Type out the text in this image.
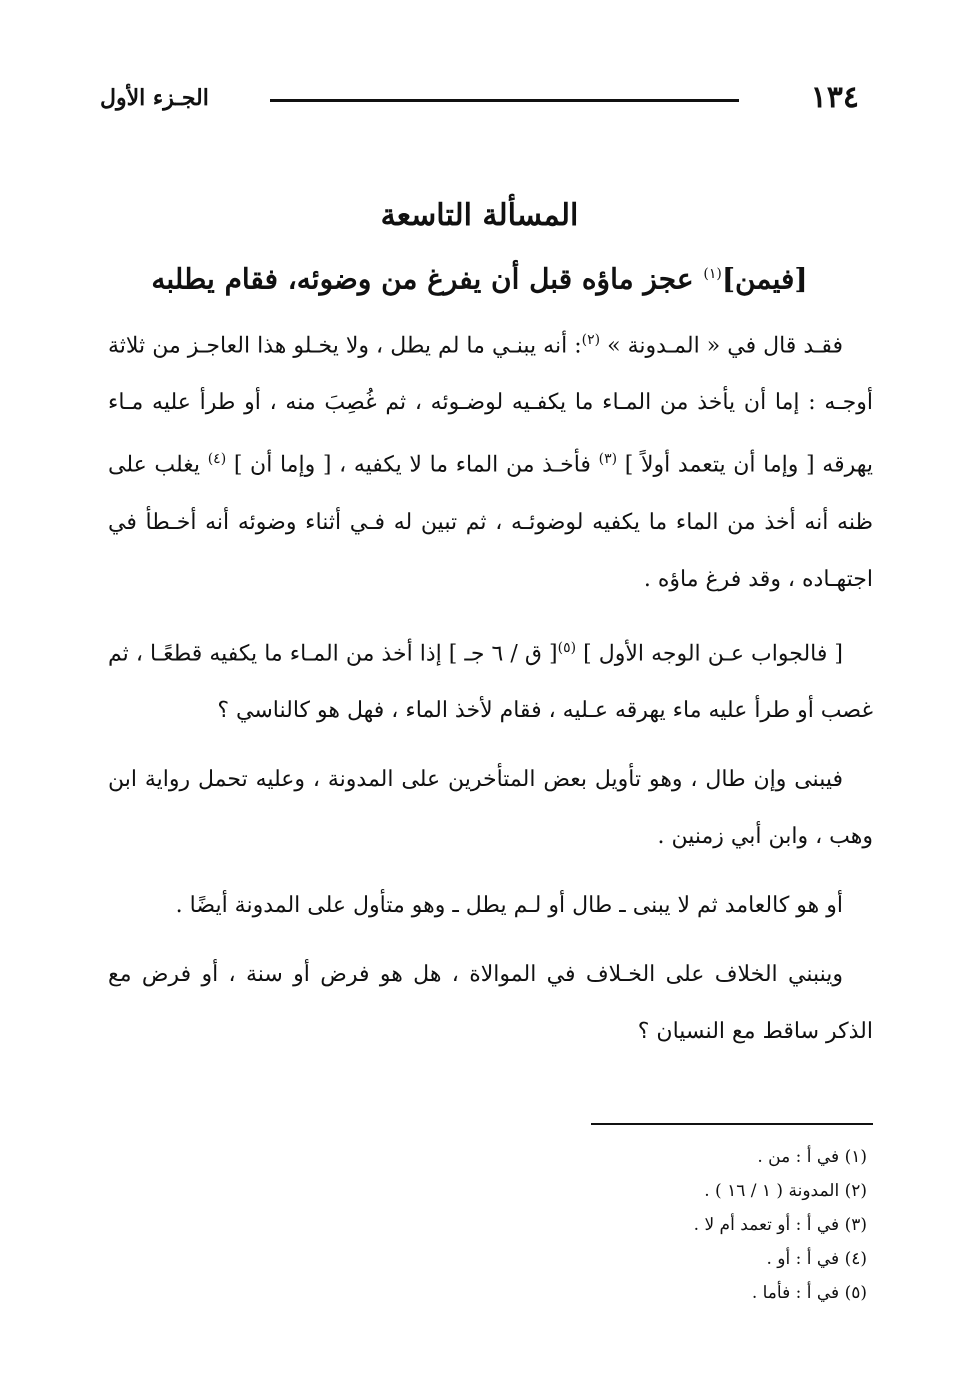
١٣٤
الجـزء الأول
المسألة التاسعة
[فيمن]$^{(١)}$ عجز ماؤه قبل أن يفرغ من وضوئه، فقام يطلبه

فقـد قال في « المـدونة » $^{(٢)}$: أنه يبنـي ما لم يطل ، ولا يخـلو هذا العاجـز من ثلاثة أوجـه : إما أن يأخذ من المـاء ما يكفـيه لوضـوئه ، ثم غُصِبَ منه ، أو طرأ عليه مـاء يهرقه [ وإما أن يتعمد أولاً ] $^{(٣)}$ فأخـذ من الماء ما لا يكفيه ، [ وإما أن ] $^{(٤)}$ يغلب على ظنه أنه أخذ من الماء ما يكفيه لوضوئـه ، ثم تبين له فـي أثناء وضوئه أنه أخـطأ في اجتهـاده ، وقد فرغ ماؤه .

[ فالجواب عـن الوجه الأول ] $^{(٥)}$[ ق / ٦ جـ ] إذا أخذ من المـاء ما يكفيه قطعًـا ، ثم غصب أو طرأ عليه ماء يهرقه عـليه ، فقام لأخذ الماء ، فهل هو كالناسي ؟

فيبنى وإن طال ، وهو تأويل بعض المتأخرين على المدونة ، وعليه تحمل رواية ابن وهب ، وابن أبي زمنين .

أو هو كالعامد ثم لا يبنى ـ طال أو لـم يطل ـ وهو متأول على المدونة أيضًا .

وينبني الخلاف على الخـلاف في الموالاة ، هل هو فرض أو سنة ، أو فرض مع الذكر ساقط مع النسيان ؟

(١) في أ : من .
(٢) المدونة ( ١ / ١٦ ) .
(٣) في أ : أو تعمد أم لا .
(٤) في أ : أو .
(٥) في أ : فأما .
